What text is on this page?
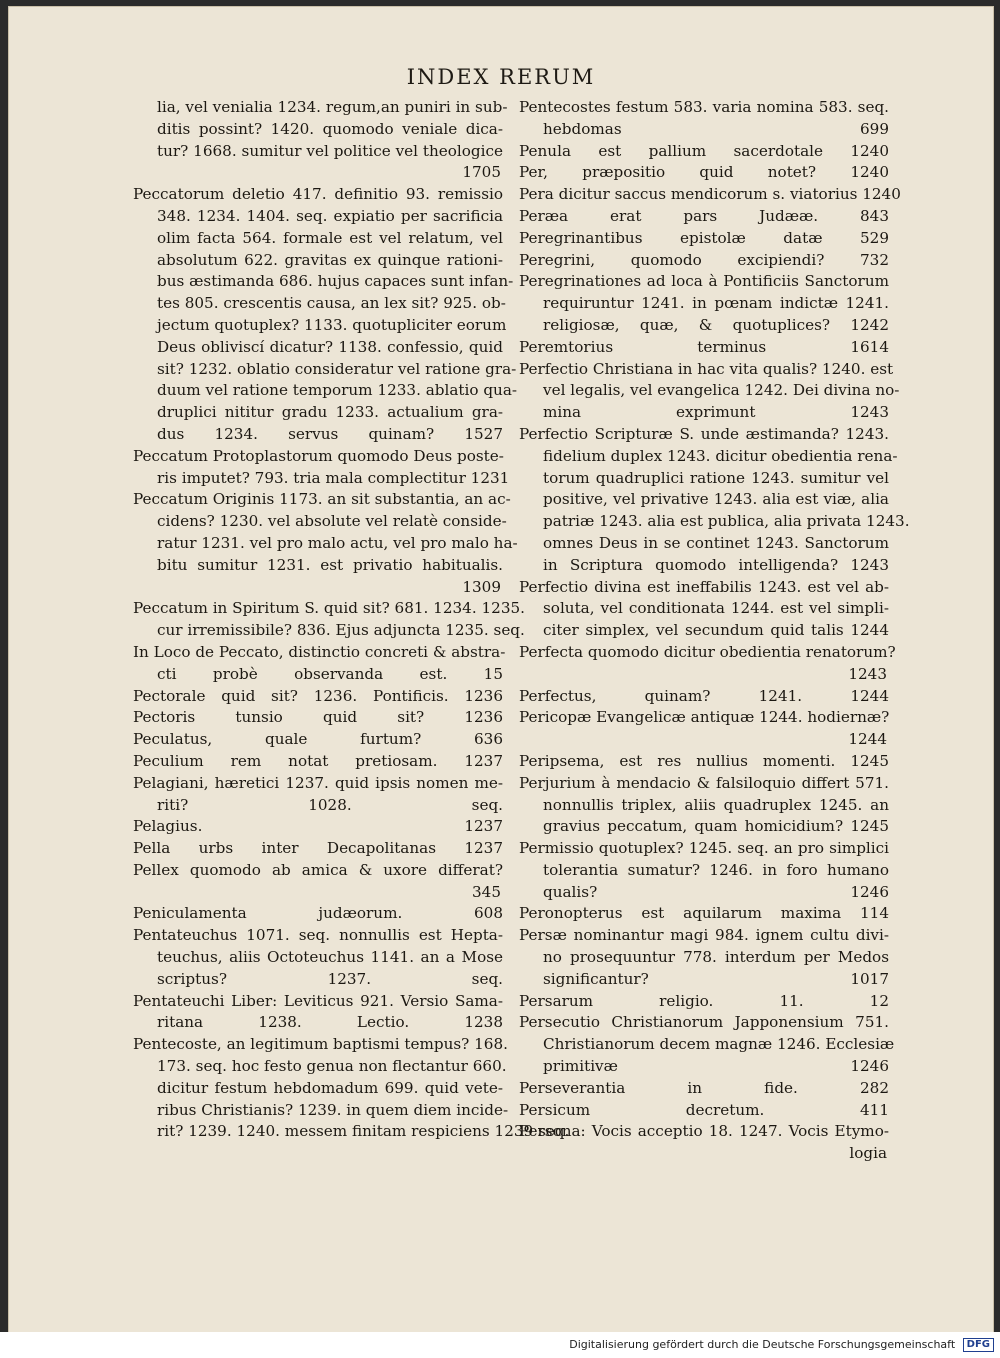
INDEX RERUM
lia, vel venialia 1234. regum,an puniri in sub-
ditis possint? 1420. quomodo veniale dica-
tur? 1668. sumitur vel politice vel theologice
1705
Peccatorum deletio 417. definitio 93. remissio
348. 1234. 1404. seq. expiatio per sacrificia
olim facta 564. formale est vel relatum, vel
absolutum 622. gravitas ex quinque rationi-
bus æstimanda 686. hujus capaces sunt infan-
tes 805. crescentis causa, an lex sit? 925. ob-
jectum quotuplex? 1133. quotupliciter eorum
Deus obliviscí dicatur? 1138. confessio, quid
sit? 1232. oblatio consideratur vel ratione gra-
duum vel ratione temporum 1233. ablatio qua-
druplici nititur gradu 1233. actualium gra-
dus 1234. servus quinam? 1527
Peccatum Protoplastorum quomodo Deus poste-
ris imputet? 793. tria mala complectitur 1231
Peccatum Originis 1173. an sit substantia, an ac-
cidens? 1230. vel absolute vel relatè conside-
ratur 1231. vel pro malo actu, vel pro malo ha-
bitu sumitur 1231. est privatio habitualis.
1309
Peccatum in Spiritum S. quid sit? 681. 1234. 1235.
cur irremissibile? 836. Ejus adjuncta 1235. seq.
In Loco de Peccato, distinctio concreti & abstra-
cti probè observanda est. 15
Pectorale quid sit? 1236. Pontificis. 1236
Pectoris tunsio quid sit? 1236
Peculatus, quale furtum? 636
Peculium rem notat pretiosam. 1237
Pelagiani, hæretici 1237. quid ipsis nomen me-
riti? 1028. seq.
Pelagius. 1237
Pella urbs inter Decapolitanas 1237
Pellex quomodo ab amica & uxore differat?
345
Peniculamenta judæorum. 608
Pentateuchus 1071. seq. nonnullis est Hepta-
teuchus, aliis Octoteuchus 1141. an a Mose
scriptus? 1237. seq.
Pentateuchi Liber: Leviticus 921. Versio Sama-
ritana 1238. Lectio. 1238
Pentecoste, an legitimum baptismi tempus? 168.
173. seq. hoc festo genua non flectantur 660.
dicitur festum hebdomadum 699. quid vete-
ribus Christianis? 1239. in quem diem incide-
rit? 1239. 1240. messem finitam respiciens 1239 seq.
Pentecostes festum 583. varia nomina 583. seq.
hebdomas 699
Penula est pallium sacerdotale 1240
Per, præpositio quid notet? 1240
Pera dicitur saccus mendicorum s. viatorius 1240
Peræa erat pars Judææ. 843
Peregrinantibus epistolæ datæ 529
Peregrini, quomodo excipiendi? 732
Peregrinationes ad loca à Pontificiis Sanctorum
requiruntur 1241. in pœnam indictæ 1241.
religiosæ, quæ, & quotuplices? 1242
Peremtorius terminus 1614
Perfectio Christiana in hac vita qualis? 1240. est
vel legalis, vel evangelica 1242. Dei divina no-
mina exprimunt 1243
Perfectio Scripturæ S. unde æstimanda? 1243.
fidelium duplex 1243. dicitur obedientia rena-
torum quadruplici ratione 1243. sumitur vel
positive, vel privative 1243. alia est viæ, alia
patriæ 1243. alia est publica, alia privata 1243.
omnes Deus in se continet 1243. Sanctorum
in Scriptura quomodo intelligenda? 1243
Perfectio divina est ineffabilis 1243. est vel ab-
soluta, vel conditionata 1244. est vel simpli-
citer simplex, vel secundum quid talis 1244
Perfecta quomodo dicitur obedientia renatorum?
1243
Perfectus, quinam? 1241. 1244
Pericopæ Evangelicæ antiquæ 1244. hodiernæ?
1244
Peripsema, est res nullius momenti. 1245
Perjurium à mendacio & falsiloquio differt 571.
nonnullis triplex, aliis quadruplex 1245. an
gravius peccatum, quam homicidium? 1245
Permissio quotuplex? 1245. seq. an pro simplici
tolerantia sumatur? 1246. in foro humano
qualis? 1246
Peronopterus est aquilarum maxima 114
Persæ nominantur magi 984. ignem cultu divi-
no prosequuntur 778. interdum per Medos
significantur? 1017
Persarum religio. 11. 12
Persecutio Christianorum Japponensium 751.
Christianorum decem magnæ 1246. Ecclesiæ
primitivæ 1246
Perseverantia in fide. 282
Persicum decretum. 411
Persona: Vocis acceptio 18. 1247. Vocis Etymo-
logia
Digitalisierung gefördert durch die Deutsche Forschungsgemeinschaft DFG
